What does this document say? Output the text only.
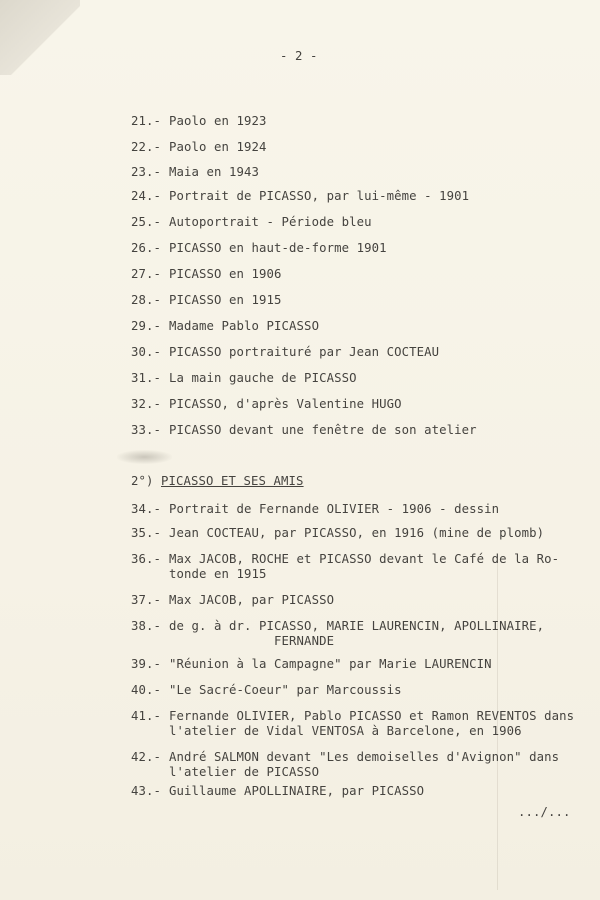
- 2 -
21.- Paolo en 1923
22.- Paolo en 1924
23.- Maia en 1943
24.- Portrait de PICASSO, par lui-même - 1901
25.- Autoportrait - Période bleu
26.- PICASSO en haut-de-forme 1901
27.- PICASSO en 1906
28.- PICASSO en 1915
29.- Madame Pablo PICASSO
30.- PICASSO portraituré par Jean COCTEAU
31.- La main gauche de PICASSO
32.- PICASSO, d'après Valentine HUGO
33.- PICASSO devant une fenêtre de son atelier
2°) PICASSO ET SES AMIS
34.- Portrait de Fernande OLIVIER - 1906 - dessin
35.- Jean COCTEAU, par PICASSO, en 1916 (mine de plomb)
36.- Max JACOB, ROCHE et PICASSO devant le Café de la Ro-
tonde en 1915
37.- Max JACOB, par PICASSO
38.- de g. à dr. PICASSO, MARIE LAURENCIN, APOLLINAIRE,
FERNANDE
39.- "Réunion à la Campagne" par Marie LAURENCIN
40.- "Le Sacré-Coeur" par Marcoussis
41.- Fernande OLIVIER, Pablo PICASSO et Ramon REVENTOS dans
l'atelier de Vidal VENTOSA à Barcelone, en 1906
42.- André SALMON devant "Les demoiselles d'Avignon" dans
l'atelier de PICASSO
43.- Guillaume APOLLINAIRE, par PICASSO
.../...
